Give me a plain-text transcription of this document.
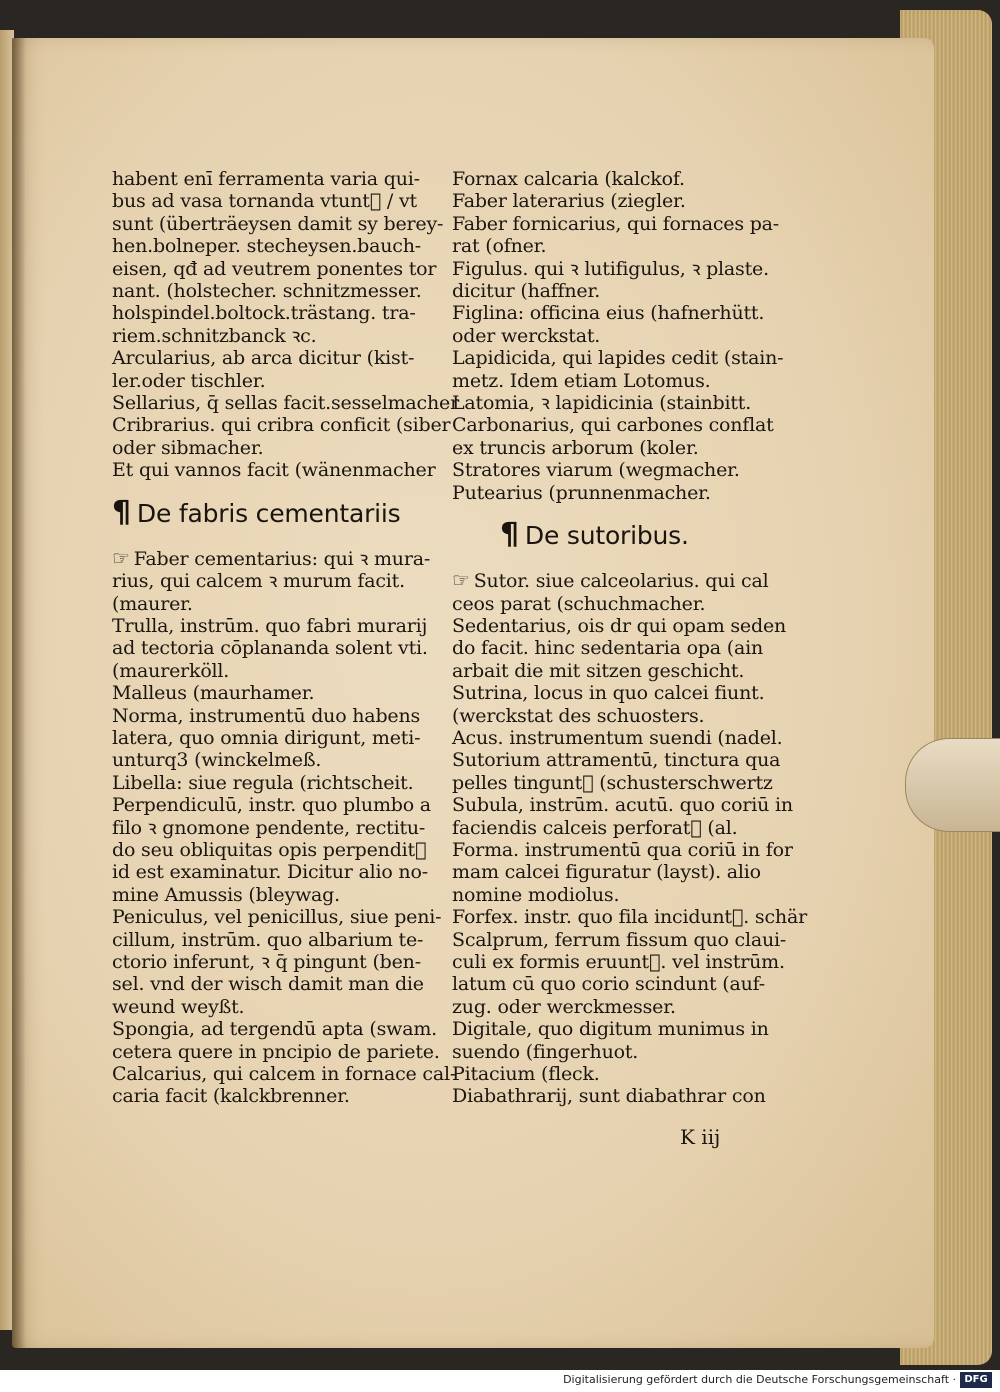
habent enī ferramenta varia qui-
bus ad vasa tornanda vtunt᷑ / vt
sunt (überträeysen damit sy berey-
hen.bolneper. stecheysen.bauch-
eisen, qđ ad veutrem ponentes tor
nant. (holstecher. schnitzmesser.
holspindel.boltock.trästang. tra-
riem.schnitzbanck ꝛc.
Arcularius, ab arca dicitur (kist-
ler.oder tischler.
Sellarius, q̄ sellas facit.sesselmacher
Cribrarius. qui cribra conficit (siber
oder sibmacher.
Et qui vannos facit (wänenmacher
¶ De fabris cementariis
☞ Faber cementarius: qui ꝛ mura-
rius, qui calcem ꝛ murum facit.
(maurer.
Trulla, instrūm. quo fabri murarij
ad tectoria cōplananda solent vti.
(maurerköll.
Malleus (maurhamer.
Norma, instrumentū duo habens
latera, quo omnia dirigunt, meti-
unturq3 (winckelmeß.
Libella: siue regula (richtscheit.
Perpendiculū, instr. quo plumbo a
filo ꝛ gnomone pendente, rectitu-
do seu obliquitas opis perpendit᷑
id est examinatur. Dicitur alio no-
mine Amussis (bleywag.
Peniculus, vel penicillus, siue peni-
cillum, instrūm. quo albarium te-
ctorio inferunt, ꝛ q̄ pingunt (ben-
sel. vnd der wisch damit man die
weund weyßt.
Spongia, ad tergendū apta (swam.
cetera quere in pncipio de pariete.
Calcarius, qui calcem in fornace cal-
caria facit (kalckbrenner.
Fornax calcaria (kalckof.
Faber laterarius (ziegler.
Faber fornicarius, qui fornaces pa-
rat (ofner.
Figulus. qui ꝛ lutifigulus, ꝛ plaste.
dicitur (haffner.
Figlina: officina eius (hafnerhütt.
oder werckstat.
Lapidicida, qui lapides cedit (stain-
metz. Idem etiam Lotomus.
Latomia, ꝛ lapidicinia (stainbitt.
Carbonarius, qui carbones conflat
ex truncis arborum (koler.
Stratores viarum (wegmacher.
Putearius (prunnenmacher.
¶ De sutoribus.
☞ Sutor. siue calceolarius. qui cal
ceos parat (schuchmacher.
Sedentarius, ois dr qui opam seden
do facit. hinc sedentaria opa (ain
arbait die mit sitzen geschicht.
Sutrina, locus in quo calcei fiunt.
(werckstat des schuosters.
Acus. instrumentum suendi (nadel.
Sutorium attramentū, tinctura qua
pelles tingunt᷑ (schusterschwertz
Subula, instrūm. acutū. quo coriū in
faciendis calceis perforat᷑ (al.
Forma. instrumentū qua coriū in for
mam calcei figuratur (layst). alio
nomine modiolus.
Forfex. instr. quo fila incidunt᷑. schär
Scalprum, ferrum fissum quo claui-
culi ex formis eruunt᷑. vel instrūm.
latum cū quo corio scindunt (auf-
zug. oder werckmesser.
Digitale, quo digitum munimus in
suendo (fingerhuot.
Pitacium (fleck.
Diabathrarij, sunt diabathrar con
K iij
Digitalisierung gefördert durch die Deutsche Forschungsgemeinschaft · DFG
